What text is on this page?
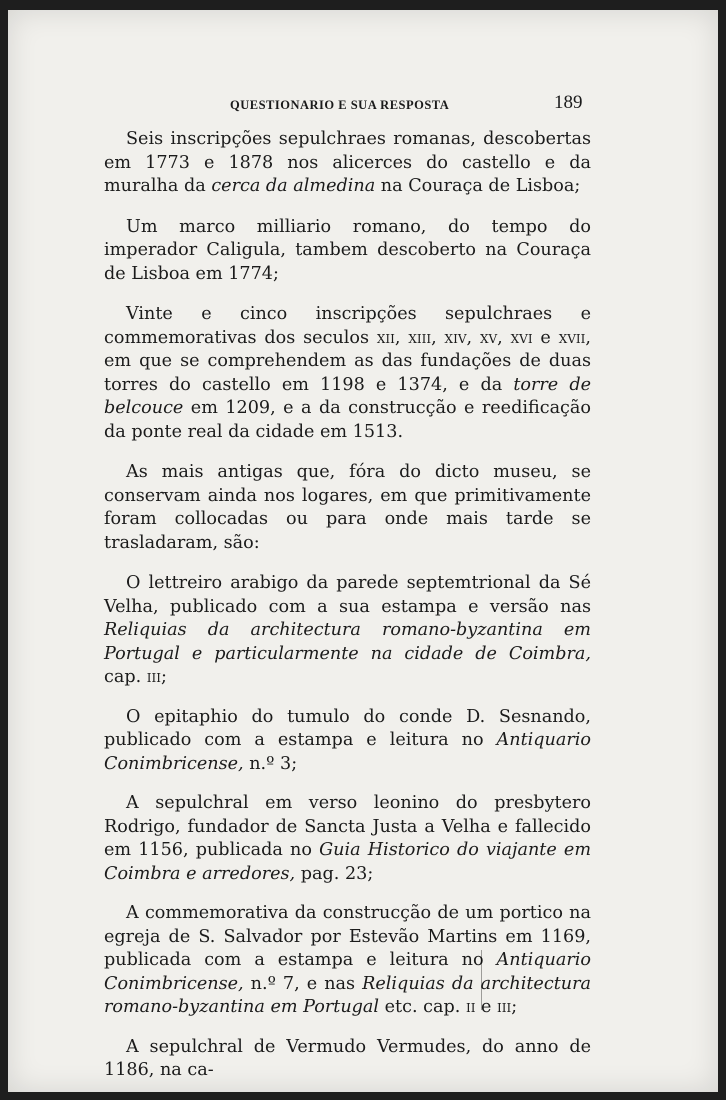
QUESTIONARIO E SUA RESPOSTA	189

Seis inscripções sepulchraes romanas, descobertas em 1773 e 1878 nos alicerces do castello e da muralha da cerca da almedina na Couraça de Lisboa;

Um marco milliario romano, do tempo do imperador Caligula, tambem descoberto na Couraça de Lisboa em 1774;

Vinte e cinco inscripções sepulchraes e commemorativas dos seculos xii, xiii, xiv, xv, xvi e xvii, em que se comprehendem as das fundações de duas torres do castello em 1198 e 1374, e da torre de belcouce em 1209, e a da construcção e reedificação da ponte real da cidade em 1513.

As mais antigas que, fóra do dicto museu, se conservam ainda nos logares, em que primitivamente foram collocadas ou para onde mais tarde se trasladaram, são:

O lettreiro arabigo da parede septemtrional da Sé Velha, publicado com a sua estampa e versão nas Reliquias da architectura romano-byzantina em Portugal e particularmente na cidade de Coimbra, cap. iii;

O epitaphio do tumulo do conde D. Sesnando, publicado com a estampa e leitura no Antiquario Conimbricense, n.º 3;

A sepulchral em verso leonino do presbytero Rodrigo, fundador de Sancta Justa a Velha e fallecido em 1156, publicada no Guia Historico do viajante em Coimbra e arredores, pag. 23;

A commemorativa da construcção de um portico na egreja de S. Salvador por Estevão Martins em 1169, publicada com a estampa e leitura no Antiquario Conimbricense, n.º 7, e nas Reliquias da architectura romano-byzantina em Portugal etc. cap. ii e iii;

A sepulchral de Vermudo Vermudes, do anno de 1186, na ca-
